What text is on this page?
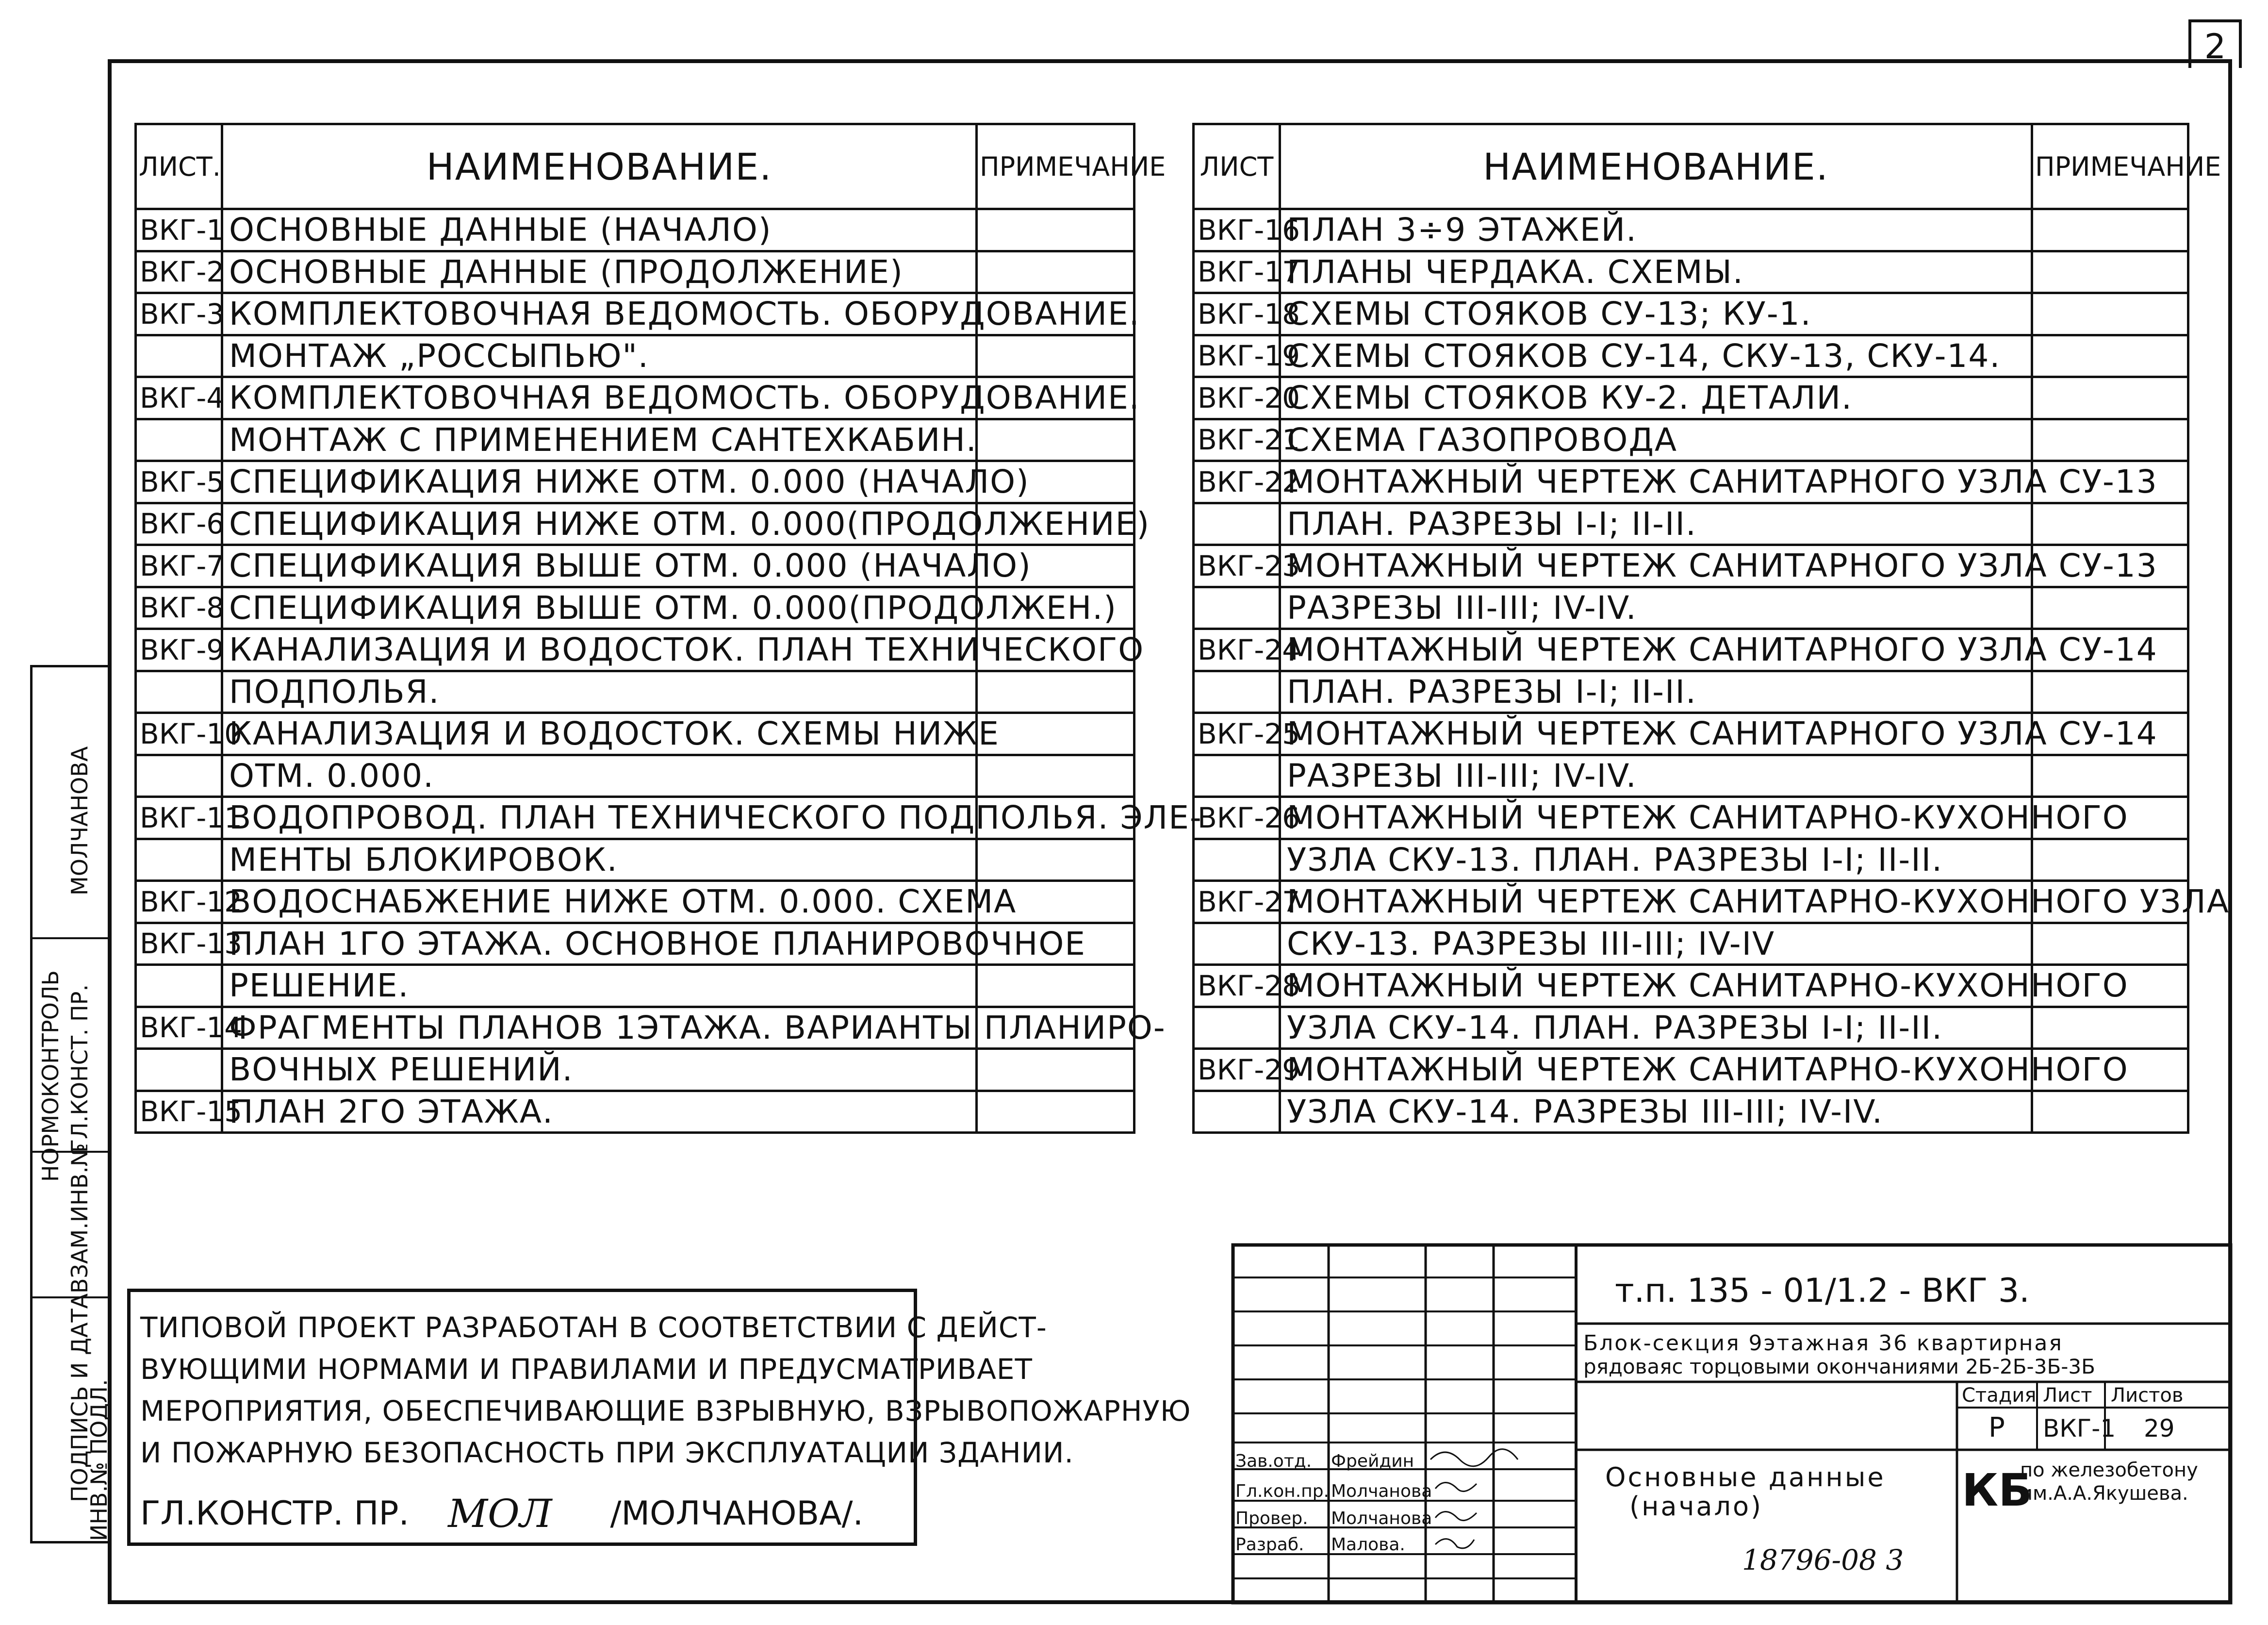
2
ЛИСТ.	НАИМЕНОВАНИЕ.	ПРИМЕЧАНИЕ
ВКГ-1	ОСНОВНЫЕ ДАННЫЕ (НАЧАЛО)	
ВКГ-2	ОСНОВНЫЕ ДАННЫЕ (ПРОДОЛЖЕНИЕ)	
ВКГ-3	КОМПЛЕКТОВОЧНАЯ ВЕДОМОСТЬ. ОБОРУДОВАНИЕ.	
	МОНТАЖ „РОССЫПЬЮ".	
ВКГ-4	КОМПЛЕКТОВОЧНАЯ ВЕДОМОСТЬ. ОБОРУДОВАНИЕ.	
	МОНТАЖ С ПРИМЕНЕНИЕМ САНТЕХКАБИН.	
ВКГ-5	СПЕЦИФИКАЦИЯ НИЖЕ ОТМ. 0.000 (НАЧАЛО)	
ВКГ-6	СПЕЦИФИКАЦИЯ НИЖЕ ОТМ. 0.000(ПРОДОЛЖЕНИЕ)	
ВКГ-7	СПЕЦИФИКАЦИЯ ВЫШЕ ОТМ. 0.000 (НАЧАЛО)	
ВКГ-8	СПЕЦИФИКАЦИЯ ВЫШЕ ОТМ. 0.000(ПРОДОЛЖЕН.)	
ВКГ-9	КАНАЛИЗАЦИЯ И ВОДОСТОК. ПЛАН ТЕХНИЧЕСКОГО	
	ПОДПОЛЬЯ.	
ВКГ-10	КАНАЛИЗАЦИЯ И ВОДОСТОК. СХЕМЫ НИЖЕ	
	ОТМ. 0.000.	
ВКГ-11	ВОДОПРОВОД. ПЛАН ТЕХНИЧЕСКОГО ПОДПОЛЬЯ. ЭЛЕ-	
	МЕНТЫ БЛОКИРОВОК.	
ВКГ-12	ВОДОСНАБЖЕНИЕ НИЖЕ ОТМ. 0.000. СХЕМА	
ВКГ-13	ПЛАН 1ГО ЭТАЖА. ОСНОВНОЕ ПЛАНИРОВОЧНОЕ	
	РЕШЕНИЕ.	
ВКГ-14	ФРАГМЕНТЫ ПЛАНОВ 1ЭТАЖА. ВАРИАНТЫ ПЛАНИРО-	
	ВОЧНЫХ РЕШЕНИЙ.	
ВКГ-15	ПЛАН 2ГО ЭТАЖА.	
ЛИСТ	НАИМЕНОВАНИЕ.	ПРИМЕЧАНИЕ
ВКГ-16	ПЛАН 3÷9 ЭТАЖЕЙ.	
ВКГ-17	ПЛАНЫ ЧЕРДАКА. СХЕМЫ.	
ВКГ-18	СХЕМЫ СТОЯКОВ СУ-13; КУ-1.	
ВКГ-19	СХЕМЫ СТОЯКОВ СУ-14, СКУ-13, СКУ-14.	
ВКГ-20	СХЕМЫ СТОЯКОВ КУ-2. ДЕТАЛИ.	
ВКГ-21	СХЕМА ГАЗОПРОВОДА	
ВКГ-22	МОНТАЖНЫЙ ЧЕРТЕЖ САНИТАРНОГО УЗЛА СУ-13	
	ПЛАН. РАЗРЕЗЫ I-I; II-II.	
ВКГ-23	МОНТАЖНЫЙ ЧЕРТЕЖ САНИТАРНОГО УЗЛА СУ-13	
	РАЗРЕЗЫ III-III; IV-IV.	
ВКГ-24	МОНТАЖНЫЙ ЧЕРТЕЖ САНИТАРНОГО УЗЛА СУ-14	
	ПЛАН. РАЗРЕЗЫ I-I; II-II.	
ВКГ-25	МОНТАЖНЫЙ ЧЕРТЕЖ САНИТАРНОГО УЗЛА СУ-14	
	РАЗРЕЗЫ III-III; IV-IV.	
ВКГ-26	МОНТАЖНЫЙ ЧЕРТЕЖ САНИТАРНО-КУХОННОГО	
	УЗЛА СКУ-13. ПЛАН. РАЗРЕЗЫ I-I; II-II.	
ВКГ-27	МОНТАЖНЫЙ ЧЕРТЕЖ САНИТАРНО-КУХОННОГО УЗЛА	
	СКУ-13. РАЗРЕЗЫ III-III; IV-IV	
ВКГ-28	МОНТАЖНЫЙ ЧЕРТЕЖ САНИТАРНО-КУХОННОГО	
	УЗЛА СКУ-14. ПЛАН. РАЗРЕЗЫ I-I; II-II.	
ВКГ-29	МОНТАЖНЫЙ ЧЕРТЕЖ САНИТАРНО-КУХОННОГО	
	УЗЛА СКУ-14. РАЗРЕЗЫ III-III; IV-IV.	
ТИПОВОЙ ПРОЕКТ РАЗРАБОТАН В СООТВЕТСТВИИ С ДЕЙСТ-
ВУЮЩИМИ НОРМАМИ И ПРАВИЛАМИ И ПРЕДУСМАТРИВАЕТ
МЕРОПРИЯТИЯ, ОБЕСПЕЧИВАЮЩИЕ ВЗРЫВНУЮ, ВЗРЫВОПОЖАРНУЮ
И ПОЖАРНУЮ БЕЗОПАСНОСТЬ ПРИ ЭКСПЛУАТАЦИИ ЗДАНИИ.
ГЛ.КОНСТР. ПР. МОЛ /МОЛЧАНОВА/.
т.п. 135 - 01/1.2 - ВКГ 3.
Блок-секция 9этажная 36 квартирная
рядоваяс торцовыми окончаниями 2Б-2Б-3Б-3Б
Стадия Лист Листов
Р ВКГ-1 29
Основные данные
(начало)	КБ
по железобетону
им.А.А.Якушева.
Зав.отд. Фрейдин
Гл.кон.пр. Молчанова
Провер. Молчанова
Разраб. Малова.
НОРМОКОНТРОЛЬ ГЛ.КОНСТ. ПР.
МОЛЧАНОВА
ВЗАМ.ИНВ.№
ПОДПИСЬ И ДАТА
ИНВ.№ ПОДЛ.
18796-08 3
